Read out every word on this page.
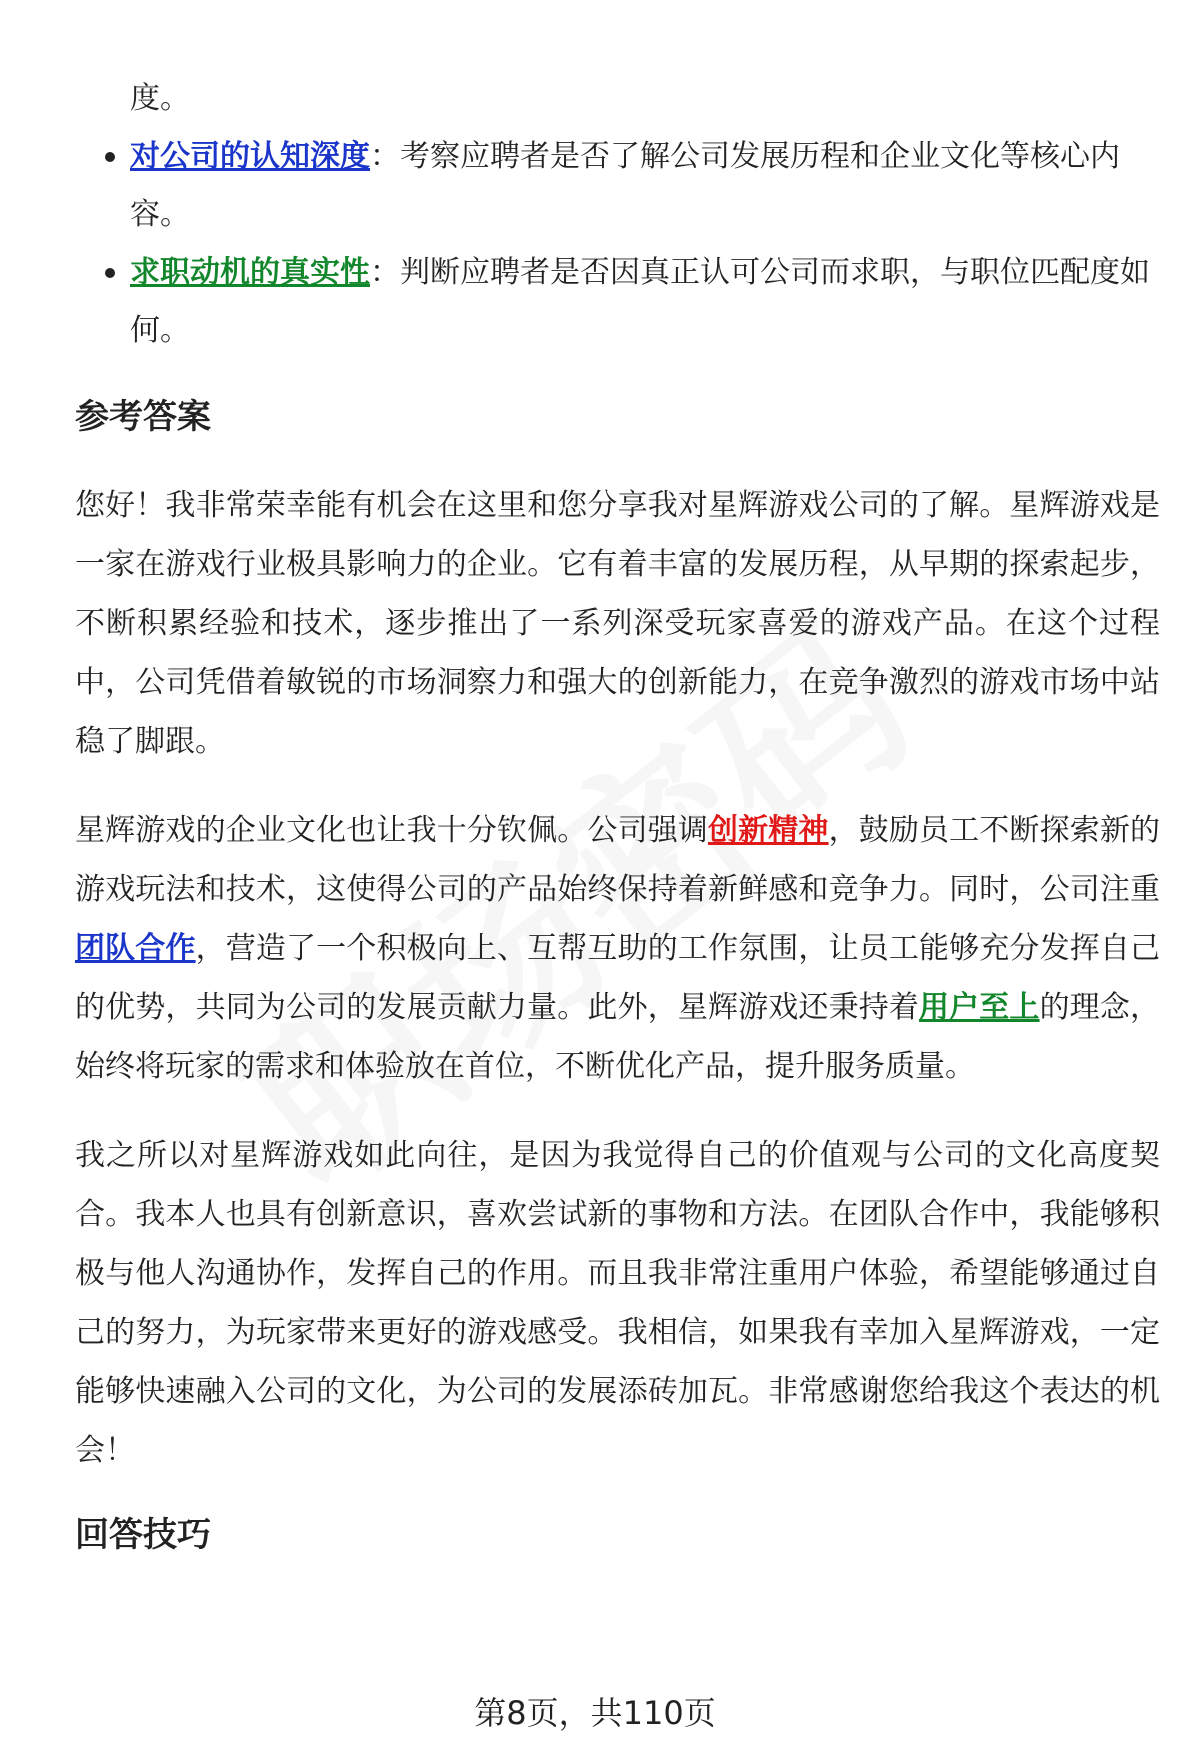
度。
对公司的认知深度：考察应聘者是否了解公司发展历程和企业文化等核心内容。
求职动机的真实性：判断应聘者是否因真正认可公司而求职，与职位匹配度如何。
参考答案

您好！我非常荣幸能有机会在这里和您分享我对星辉游戏公司的了解。星辉游戏是一家在游戏行业极具影响力的企业。它有着丰富的发展历程，从早期的探索起步，不断积累经验和技术，逐步推出了一系列深受玩家喜爱的游戏产品。在这个过程中，公司凭借着敏锐的市场洞察力和强大的创新能力，在竞争激烈的游戏市场中站稳了脚跟。

星辉游戏的企业文化也让我十分钦佩。公司强调创新精神，鼓励员工不断探索新的游戏玩法和技术，这使得公司的产品始终保持着新鲜感和竞争力。同时，公司注重团队合作，营造了一个积极向上、互帮互助的工作氛围，让员工能够充分发挥自己的优势，共同为公司的发展贡献力量。此外，星辉游戏还秉持着用户至上的理念，始终将玩家的需求和体验放在首位，不断优化产品，提升服务质量。

我之所以对星辉游戏如此向往，是因为我觉得自己的价值观与公司的文化高度契合。我本人也具有创新意识，喜欢尝试新的事物和方法。在团队合作中，我能够积极与他人沟通协作，发挥自己的作用。而且我非常注重用户体验，希望能够通过自己的努力，为玩家带来更好的游戏感受。我相信，如果我有幸加入星辉游戏，一定能够快速融入公司的文化，为公司的发展添砖加瓦。非常感谢您给我这个表达的机会！

回答技巧
第8页，共110页
